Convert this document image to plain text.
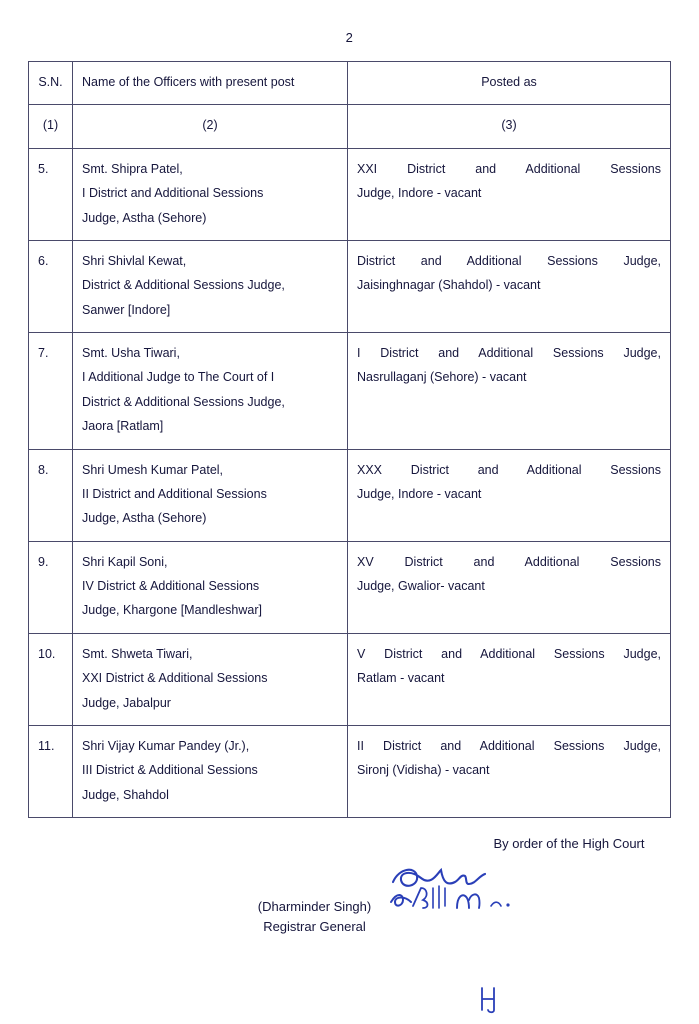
2
S.N.	Name of the Officers with present post	Posted as
(1)	(2)	(3)
5.	Smt. Shipra Patel,
I District and Additional Sessions
Judge, Astha (Sehore)	XXI District and Additional Sessions
Judge, Indore - vacant

6.	Shri Shivlal Kewat,
District & Additional Sessions Judge,
Sanwer [Indore]	District and Additional Sessions Judge,
Jaisinghnagar (Shahdol) - vacant

7.	Smt. Usha Tiwari,
I Additional Judge to The Court of I
District & Additional Sessions Judge,
Jaora [Ratlam]	I District and Additional Sessions Judge,
Nasrullaganj (Sehore) - vacant

8.	Shri Umesh Kumar Patel,
II District and Additional Sessions
Judge, Astha (Sehore)	XXX District and Additional Sessions
Judge, Indore - vacant

9.	Shri Kapil Soni,
IV District & Additional Sessions
Judge, Khargone [Mandleshwar]	XV District and Additional Sessions
Judge, Gwalior- vacant

10.	Smt. Shweta Tiwari,
XXI District & Additional Sessions
Judge, Jabalpur	V District and Additional Sessions Judge,
Ratlam - vacant

11.	Shri Vijay Kumar Pandey (Jr.),
III District & Additional Sessions
Judge, Shahdol	II District and Additional Sessions Judge,
Sironj (Vidisha) - vacant
By order of the High Court
(Dharminder Singh)
Registrar General
